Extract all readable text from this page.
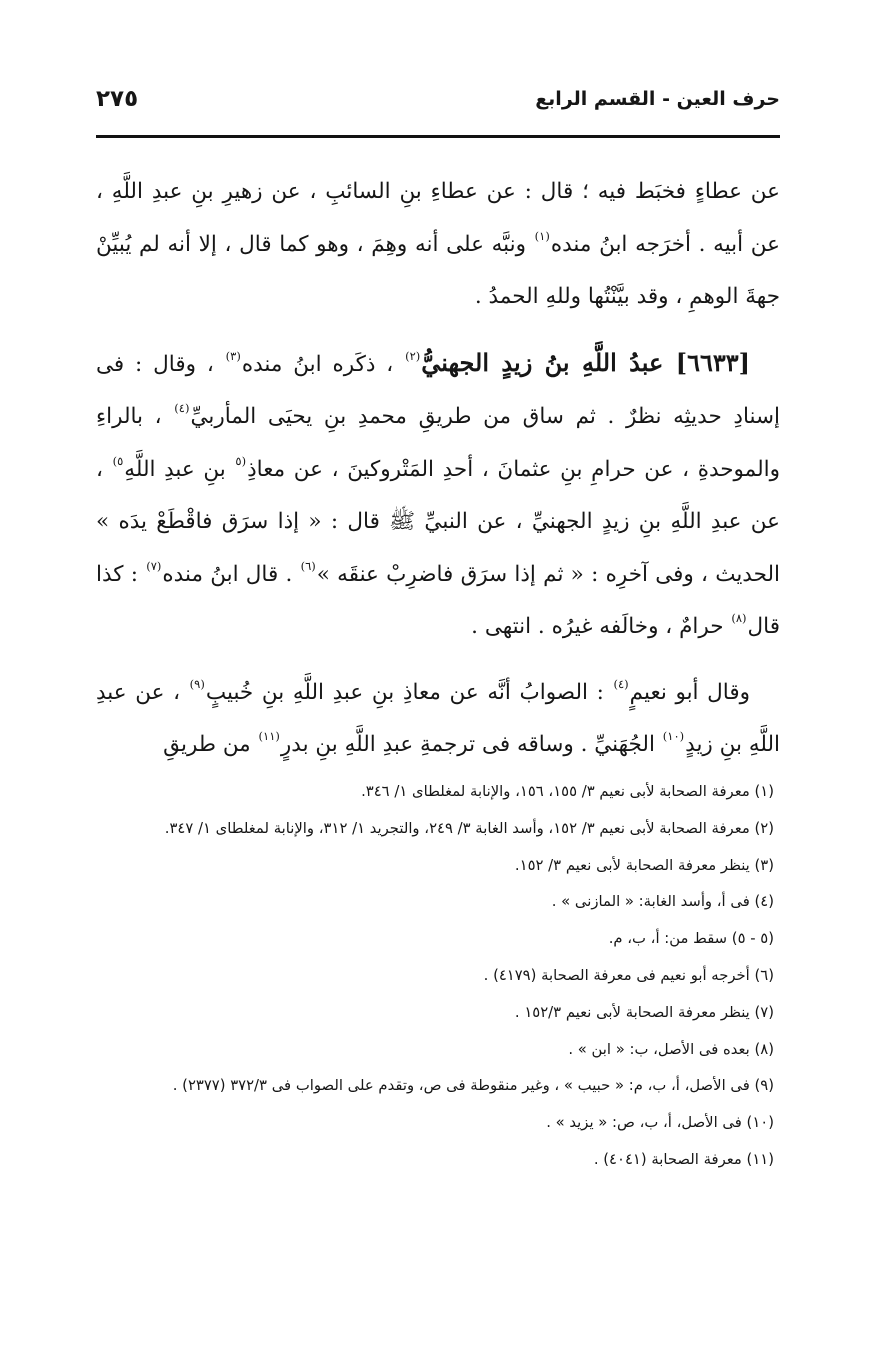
حرف العين - القسم الرابع
٢٧٥

عن عطاءٍ فخبَط فيه ؛ قال : عن عطاءِ بنِ السائبِ ، عن زهيرِ بنِ عبدِ اللَّهِ ، عن أبيه . أخرَجه ابنُ منده$^{(١)}$ ونبَّه على أنه وهِمَ ، وهو كما قال ، إلا أنه لم يُبيِّنْ جهةَ الوهمِ ، وقد بيَّنْتُها وللهِ الحمدُ .

[٦٦٣٣] عبدُ اللَّهِ بنُ زيدٍ الجهنيُّ$^{(٢)}$ ، ذكَره ابنُ منده$^{(٣)}$ ، وقال : فى إسنادِ حديثِه نظرٌ . ثم ساق من طريقِ محمدِ بنِ يحيَى المأربيِّ$^{(٤)}$ ، بالراءِ والموحدةِ ، عن حرامِ بنِ عثمانَ ، أحدِ المَتْروكينَ ، عن معاذِ$^{(٥}$ بنِ عبدِ اللَّهِ$^{٥)}$ ، عن عبدِ اللَّهِ بنِ زيدٍ الجهنيِّ ، عن النبيِّ ﷺ قال : « إذا سرَق فاقْطَعْ يدَه » الحديث ، وفى آخرِه : « ثم إذا سرَق فاضرِبْ عنقَه »$^{(٦)}$ . قال ابنُ منده$^{(٧)}$ : كذا قال$^{(٨)}$ حرامٌ ، وخالَفه غيرُه . انتهى .

وقال أبو نعيمٍ$^{(٤)}$ : الصوابُ أنَّه عن معاذِ بنِ عبدِ اللَّهِ بنِ خُبيبٍ$^{(٩)}$ ، عن عبدِ اللَّهِ بنِ زيدٍ$^{(١٠)}$ الجُهَنيِّ . وساقه فى ترجمةِ عبدِ اللَّهِ بنِ بدرٍ$^{(١١)}$ من طريقِ

(١) معرفة الصحابة لأبى نعيم ٣/ ١٥٥، ١٥٦، والإنابة لمغلطاى ١/ ٣٤٦.
(٢) معرفة الصحابة لأبى نعيم ٣/ ١٥٢، وأسد الغابة ٣/ ٢٤٩، والتجريد ١/ ٣١٢، والإنابة لمغلطاى ١/ ٣٤٧.
(٣) ينظر معرفة الصحابة لأبى نعيم ٣/ ١٥٢.
(٤) فى أ، وأسد الغابة: « المازنى » .
(٥ - ٥) سقط من: أ، ب، م.
(٦) أخرجه أبو نعيم فى معرفة الصحابة (٤١٧٩) .
(٧) ينظر معرفة الصحابة لأبى نعيم ١٥٢/٣ .
(٨) بعده فى الأصل، ب: « ابن » .
(٩) فى الأصل، أ، ب، م: « حبيب » ، وغير منقوطة فى ص، وتقدم على الصواب فى ٣٧٢/٣ (٢٣٧٧) .
(١٠) فى الأصل، أ، ب، ص: « يزيد » .
(١١) معرفة الصحابة (٤٠٤١) .
